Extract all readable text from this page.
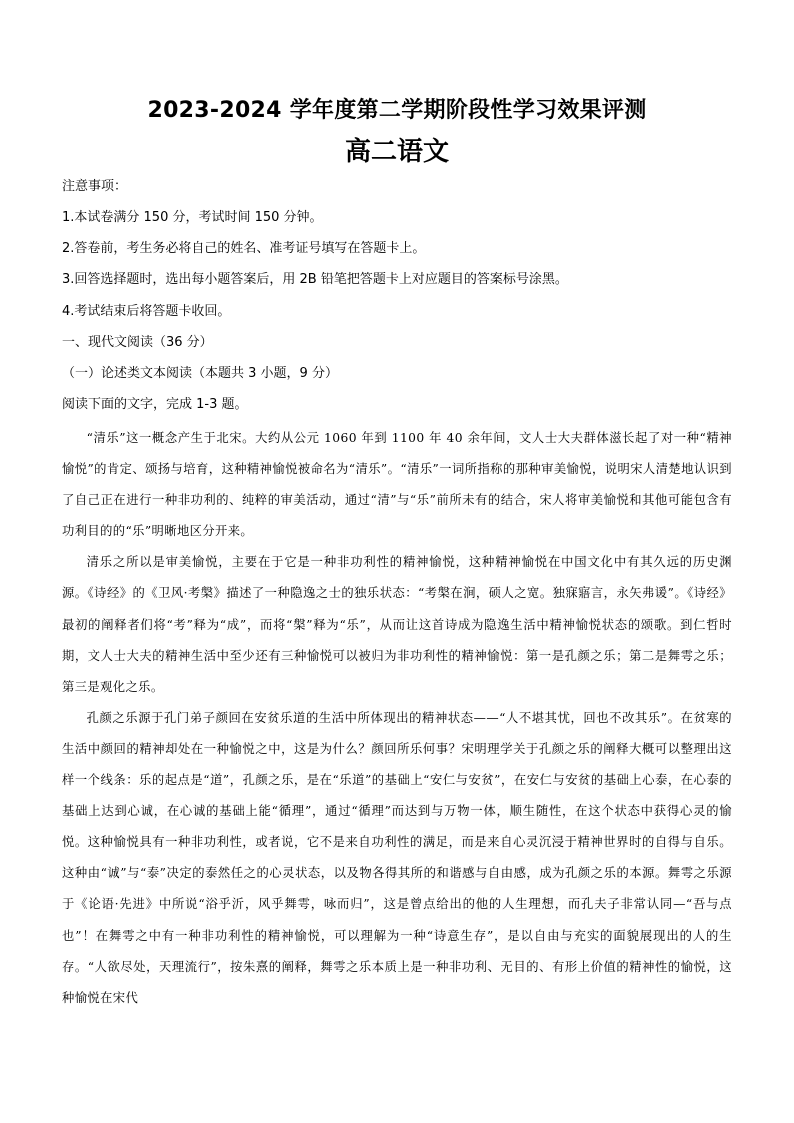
2023-2024 学年度第二学期阶段性学习效果评测
高二语文
注意事项：
1.本试卷满分 150 分，考试时间 150 分钟。
2.答卷前，考生务必将自己的姓名、准考证号填写在答题卡上。
3.回答选择题时，选出每小题答案后，用 2B 铅笔把答题卡上对应题目的答案标号涂黑。
4.考试结束后将答题卡收回。
一、现代文阅读（36 分）
（一）论述类文本阅读（本题共 3 小题，9 分）
阅读下面的文字，完成 1-3 题。

“清乐”这一概念产生于北宋。大约从公元 1060 年到 1100 年 40 余年间，文人士大夫群体滋长起了对一种“精神愉悦”的肯定、颂扬与培育，这种精神愉悦被命名为“清乐”。“清乐”一词所指称的那种审美愉悦，说明宋人清楚地认识到了自己正在进行一种非功利的、纯粹的审美活动，通过“清”与“乐”前所未有的结合，宋人将审美愉悦和其他可能包含有功利目的的“乐”明晰地区分开来。

清乐之所以是审美愉悦，主要在于它是一种非功利性的精神愉悦，这种精神愉悦在中国文化中有其久远的历史渊源。《诗经》的《卫风·考槃》描述了一种隐逸之士的独乐状态：“考槃在涧，硕人之宽。独寐寤言，永矢弗谖”。《诗经》最初的阐释者们将“考”释为“成”，而将“槃”释为“乐”，从而让这首诗成为隐逸生活中精神愉悦状态的颂歌。到仁哲时期，文人士大夫的精神生活中至少还有三种愉悦可以被归为非功利性的精神愉悦：第一是孔颜之乐；第二是舞雩之乐；第三是观化之乐。

孔颜之乐源于孔门弟子颜回在安贫乐道的生活中所体现出的精神状态——“人不堪其忧，回也不改其乐”。在贫寒的生活中颜回的精神却处在一种愉悦之中，这是为什么？颜回所乐何事？宋明理学关于孔颜之乐的阐释大概可以整理出这样一个线条：乐的起点是“道”，孔颜之乐，是在“乐道”的基础上“安仁与安贫”，在安仁与安贫的基础上心泰，在心泰的基础上达到心诚，在心诚的基础上能“循理”，通过“循理”而达到与万物一体，顺生随性，在这个状态中获得心灵的愉悦。这种愉悦具有一种非功利性，或者说，它不是来自功利性的满足，而是来自心灵沉浸于精神世界时的自得与自乐。这种由“诚”与“泰”决定的泰然任之的心灵状态，以及物各得其所的和谐感与自由感，成为孔颜之乐的本源。舞雩之乐源于《论语·先进》中所说“浴乎沂，风乎舞雩，咏而归”，这是曾点给出的他的人生理想，而孔夫子非常认同—“吾与点也”！在舞雩之中有一种非功利性的精神愉悦，可以理解为一种“诗意生存”，是以自由与充实的面貌展现出的人的生存。“人欲尽处，天理流行”，按朱熹的阐释，舞雩之乐本质上是一种非功利、无目的、有形上价值的精神性的愉悦，这种愉悦在宋代
